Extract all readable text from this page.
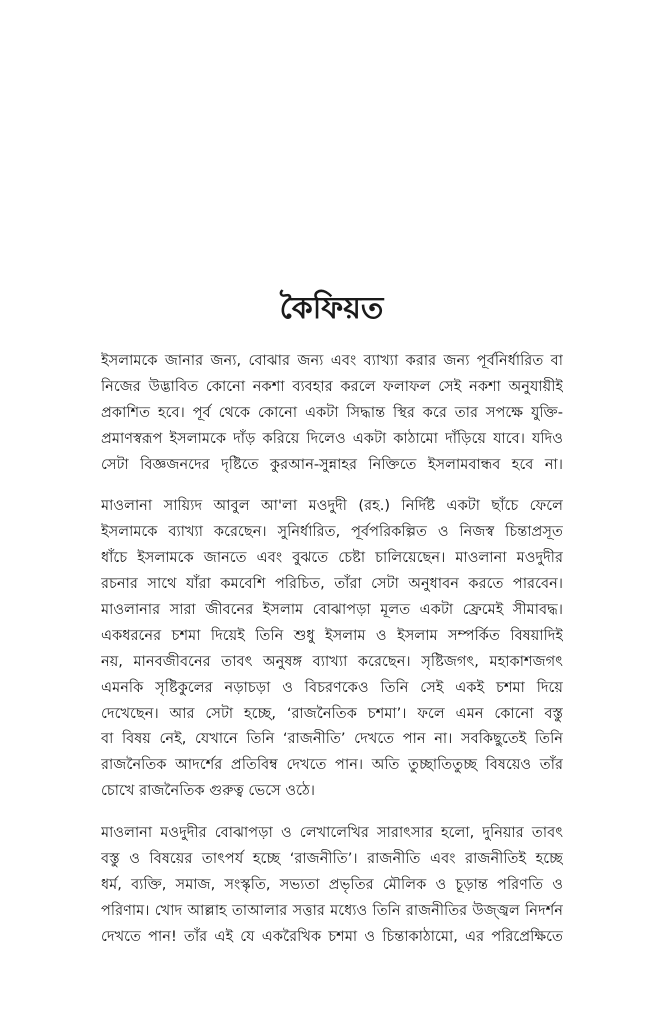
কৈফিয়ত

ইসলামকে জানার জন্য, বোঝার জন্য এবং ব্যাখ্যা করার জন্য পূর্বনির্ধারিত বা
নিজের উদ্ভাবিত কোনো নকশা ব্যবহার করলে ফলাফল সেই নকশা অনুযায়ীই
প্রকাশিত হবে। পূর্ব থেকে কোনো একটা সিদ্ধান্ত স্থির করে তার সপক্ষে যুক্তি-
প্রমাণস্বরূপ ইসলামকে দাঁড় করিয়ে দিলেও একটা কাঠামো দাঁড়িয়ে যাবে। যদিও
সেটা বিজ্ঞজনদের দৃষ্টিতে কুরআন-সুন্নাহর নিক্তিতে ইসলামবান্ধব হবে না।

মাওলানা সায়্যিদ আবুল আ'লা মওদুদী (রহ.) নির্দিষ্ট একটা ছাঁচে ফেলে
ইসলামকে ব্যাখ্যা করেছেন। সুনির্ধারিত, পূর্বপরিকল্পিত ও নিজস্ব চিন্তাপ্রসূত
ধাঁচে ইসলামকে জানতে এবং বুঝতে চেষ্টা চালিয়েছেন। মাওলানা মওদুদীর
রচনার সাথে যাঁরা কমবেশি পরিচিত, তাঁরা সেটা অনুধাবন করতে পারবেন।
মাওলানার সারা জীবনের ইসলাম বোঝাপড়া মূলত একটা ফ্রেমেই সীমাবদ্ধ।
একধরনের চশমা দিয়েই তিনি শুধু ইসলাম ও ইসলাম সম্পর্কিত বিষয়াদিই
নয়, মানবজীবনের তাবৎ অনুষঙ্গ ব্যাখ্যা করেছেন। সৃষ্টিজগৎ, মহাকাশজগৎ
এমনকি সৃষ্টিকুলের নড়াচড়া ও বিচরণকেও তিনি সেই একই চশমা দিয়ে
দেখেছেন। আর সেটা হচ্ছে, ‘রাজনৈতিক চশমা’। ফলে এমন কোনো বস্তু
বা বিষয় নেই, যেখানে তিনি ‘রাজনীতি’ দেখতে পান না। সবকিছুতেই তিনি
রাজনৈতিক আদর্শের প্রতিবিম্ব দেখতে পান। অতি তুচ্ছাতিতুচ্ছ বিষয়েও তাঁর
চোখে রাজনৈতিক গুরুত্ব ভেসে ওঠে।

মাওলানা মওদুদীর বোঝাপড়া ও লেখালেখির সারাৎসার হলো, দুনিয়ার তাবৎ
বস্তু ও বিষয়ের তাৎপর্য হচ্ছে ‘রাজনীতি’। রাজনীতি এবং রাজনীতিই হচ্ছে
ধর্ম, ব্যক্তি, সমাজ, সংস্কৃতি, সভ্যতা প্রভৃতির মৌলিক ও চূড়ান্ত পরিণতি ও
পরিণাম। খোদ আল্লাহ তাআলার সত্তার মধ্যেও তিনি রাজনীতির উজ্জ্বল নিদর্শন
দেখতে পান! তাঁর এই যে একরৈখিক চশমা ও চিন্তাকাঠামো, এর পরিপ্রেক্ষিতে
